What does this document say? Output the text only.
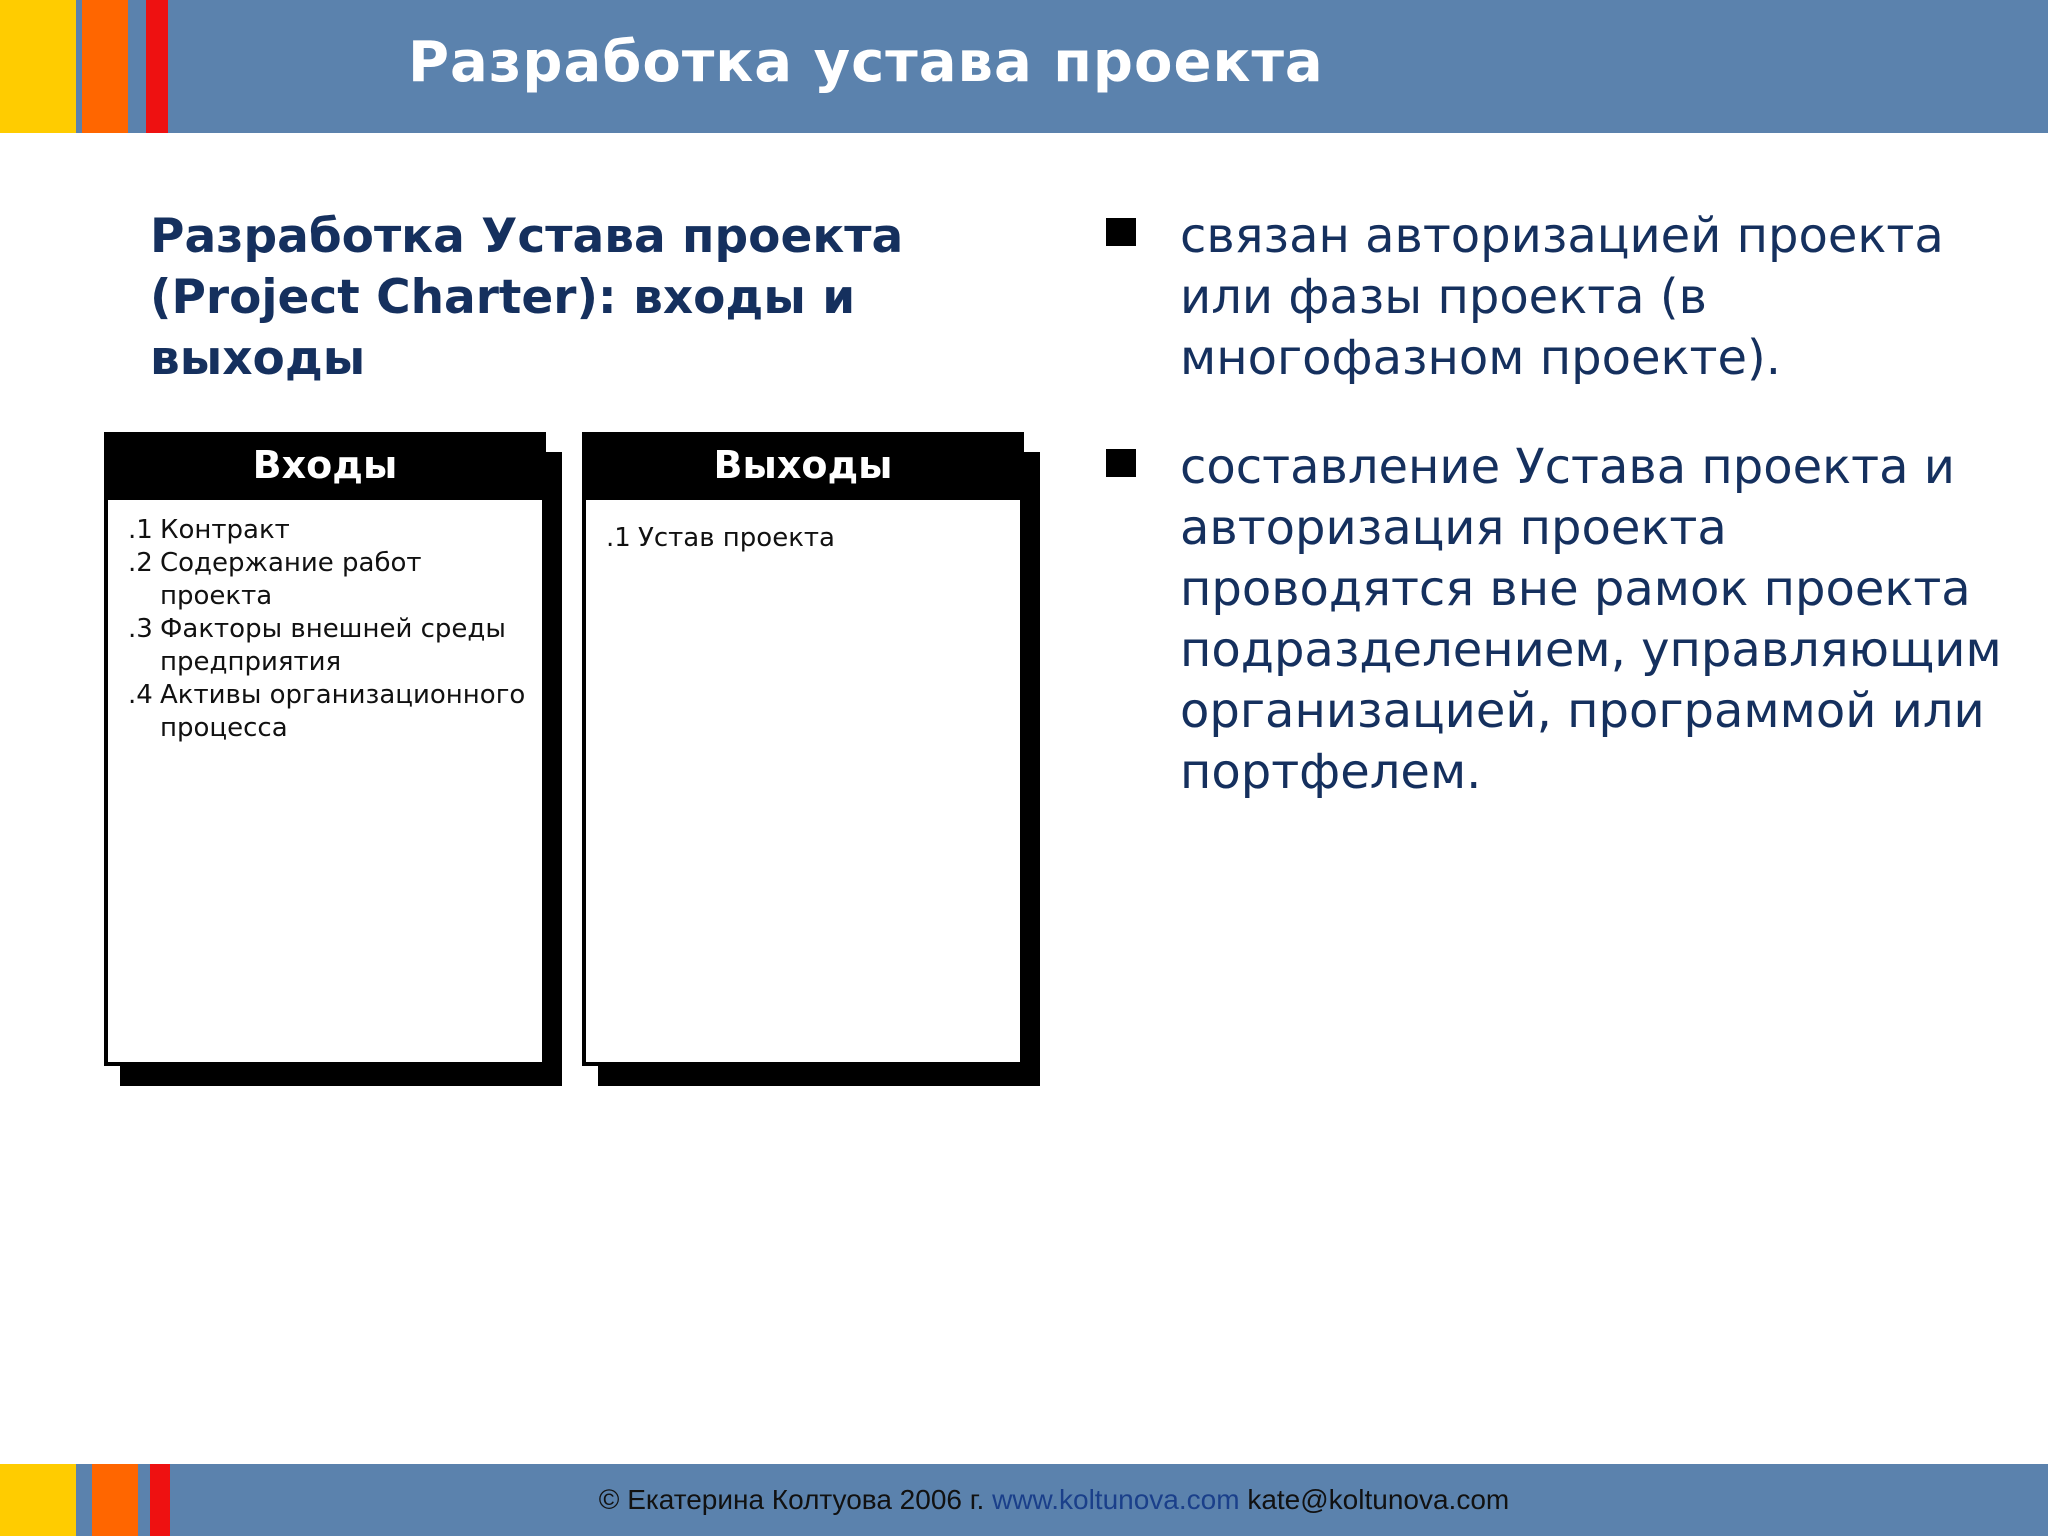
Разработка устава проекта
Разработка Устава проекта (Project Charter): входы и выходы
Входы
.1 Контракт
.2 Содержание работ проекта
.3 Факторы внешней среды предприятия
.4 Активы организационного процесса
Выходы
.1 Устав проекта
связан авторизацией проекта или фазы проекта (в многофазном проекте).
составление Устава проекта и авторизация проекта проводятся вне рамок проекта подразделением, управляющим организацией, программой или портфелем.
© Екатерина Колтуова 2006 г. www.koltunova.com kate@koltunova.com
